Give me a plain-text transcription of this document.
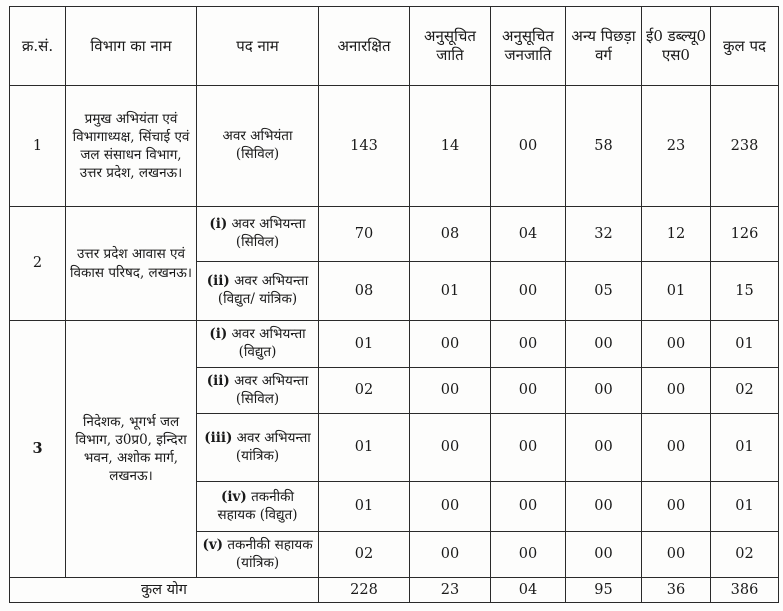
क्र.सं.	विभाग का नाम	पद नाम	अनारक्षित	अनुसूचित जाति	अनुसूचित जनजाति	अन्य पिछड़ा वर्ग	ई0 डब्ल्यू0 एस0	कुल पद
1	प्रमुख अभियंता एवं विभागाध्यक्ष, सिंचाई एवं जल संसाधन विभाग, उत्तर प्रदेश, लखनऊ।	अवर अभियंता (सिविल)	143	14	00	58	23	238
2	उत्तर प्रदेश आवास एवं विकास परिषद, लखनऊ।	(i) अवर अभियन्ता (सिविल)	70	08	04	32	12	126
		(ii) अवर अभियन्ता (विद्युत/ यांत्रिक)	08	01	00	05	01	15
3	निदेशक, भूगर्भ जल विभाग, उ0प्र0, इन्दिरा भवन, अशोक मार्ग, लखनऊ।	(i) अवर अभियन्ता (विद्युत)	01	00	00	00	00	01
		(ii) अवर अभियन्ता (सिविल)	02	00	00	00	00	02
		(iii) अवर अभियन्ता (यांत्रिक)	01	00	00	00	00	01
		(iv) तकनीकी सहायक (विद्युत)	01	00	00	00	00	01
		(v) तकनीकी सहायक (यांत्रिक)	02	00	00	00	00	02
कुल योग			228	23	04	95	36	386
